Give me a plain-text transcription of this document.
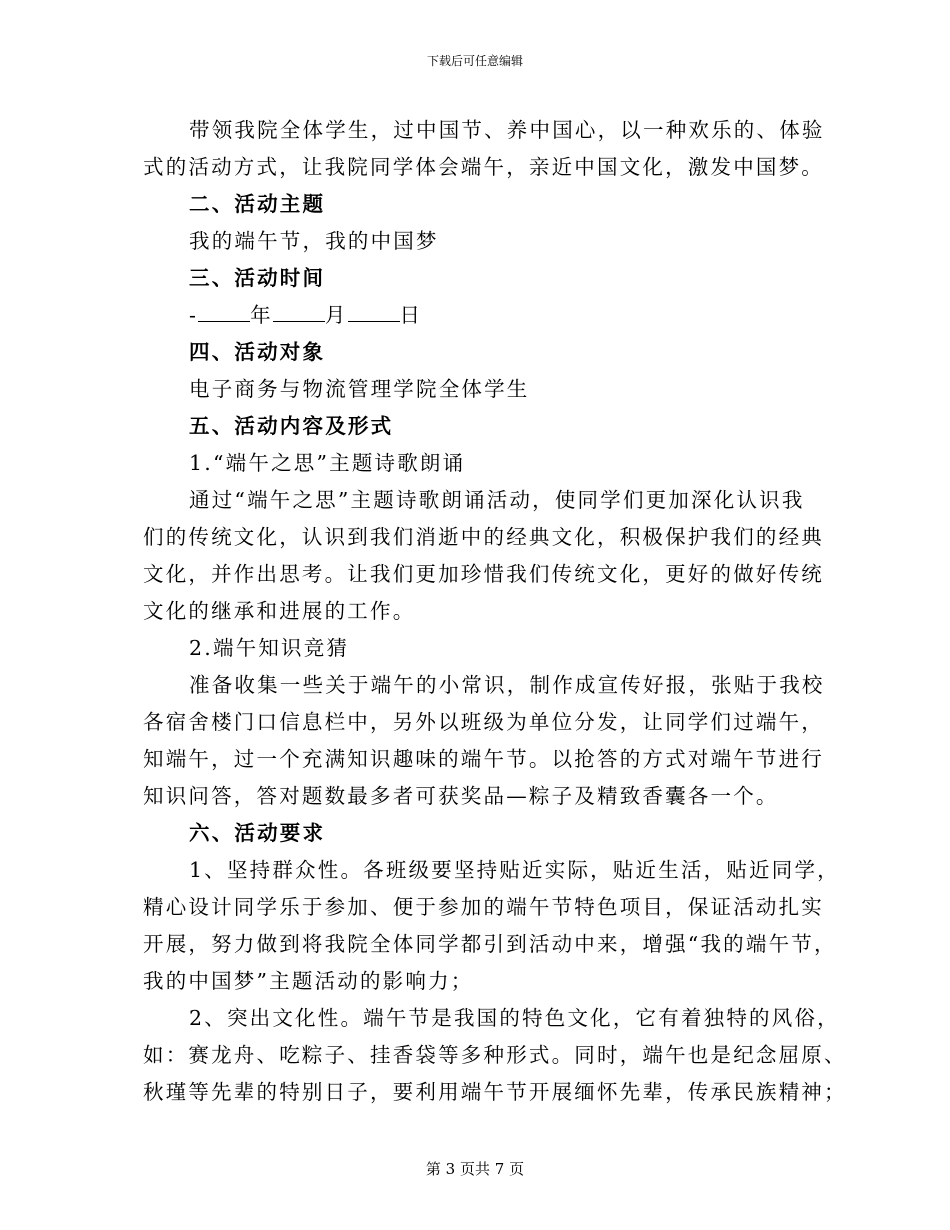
下载后可任意编辑

带领我院全体学生，过中国节、养中国心，以一种欢乐的、体验

式的活动方式，让我院同学体会端午，亲近中国文化，激发中国梦。

二、活动主题

我的端午节，我的中国梦

三、活动时间

-	年	月	日

四、活动对象

电子商务与物流管理学院全体学生

五、活动内容及形式

1.“端午之思”主题诗歌朗诵

通过“端午之思”主题诗歌朗诵活动，使同学们更加深化认识我

们的传统文化，认识到我们消逝中的经典文化，积极保护我们的经典

文化，并作出思考。让我们更加珍惜我们传统文化，更好的做好传统

文化的继承和进展的工作。

2.端午知识竞猜

准备收集一些关于端午的小常识，制作成宣传好报，张贴于我校

各宿舍楼门口信息栏中，另外以班级为单位分发，让同学们过端午，

知端午，过一个充满知识趣味的端午节。以抢答的方式对端午节进行

知识问答，答对题数最多者可获奖品—粽子及精致香囊各一个。

六、活动要求

1、坚持群众性。各班级要坚持贴近实际，贴近生活，贴近同学，

精心设计同学乐于参加、便于参加的端午节特色项目，保证活动扎实

开展，努力做到将我院全体同学都引到活动中来，增强“我的端午节，

我的中国梦”主题活动的影响力；

2、突出文化性。端午节是我国的特色文化，它有着独特的风俗，

如：赛龙舟、吃粽子、挂香袋等多种形式。同时，端午也是纪念屈原、

秋瑾等先辈的特别日子，要利用端午节开展缅怀先辈，传承民族精神；

第 3 页共 7 页
